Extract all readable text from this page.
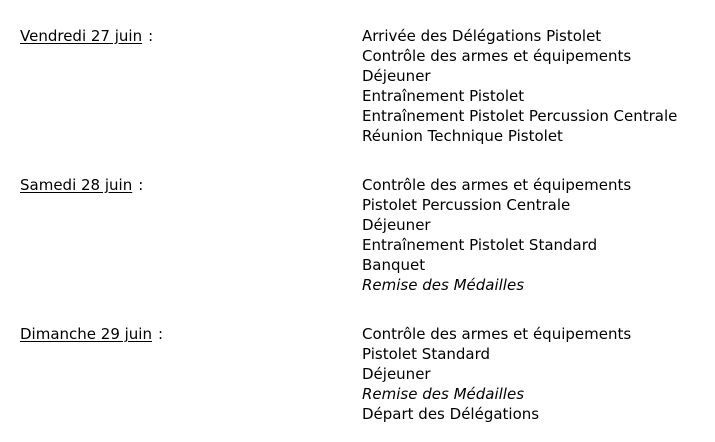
Vendredi 27 juin :	Arrivée des Délégations Pistolet
Contrôle des armes et équipements
Déjeuner
Entraînement Pistolet
Entraînement Pistolet Percussion Centrale
Réunion Technique Pistolet
Samedi 28 juin :	Contrôle des armes et équipements
Pistolet Percussion Centrale
Déjeuner
Entraînement Pistolet Standard
Banquet
Remise des Médailles
Dimanche 29 juin :	Contrôle des armes et équipements
Pistolet Standard
Déjeuner
Remise des Médailles
Départ des Délégations
